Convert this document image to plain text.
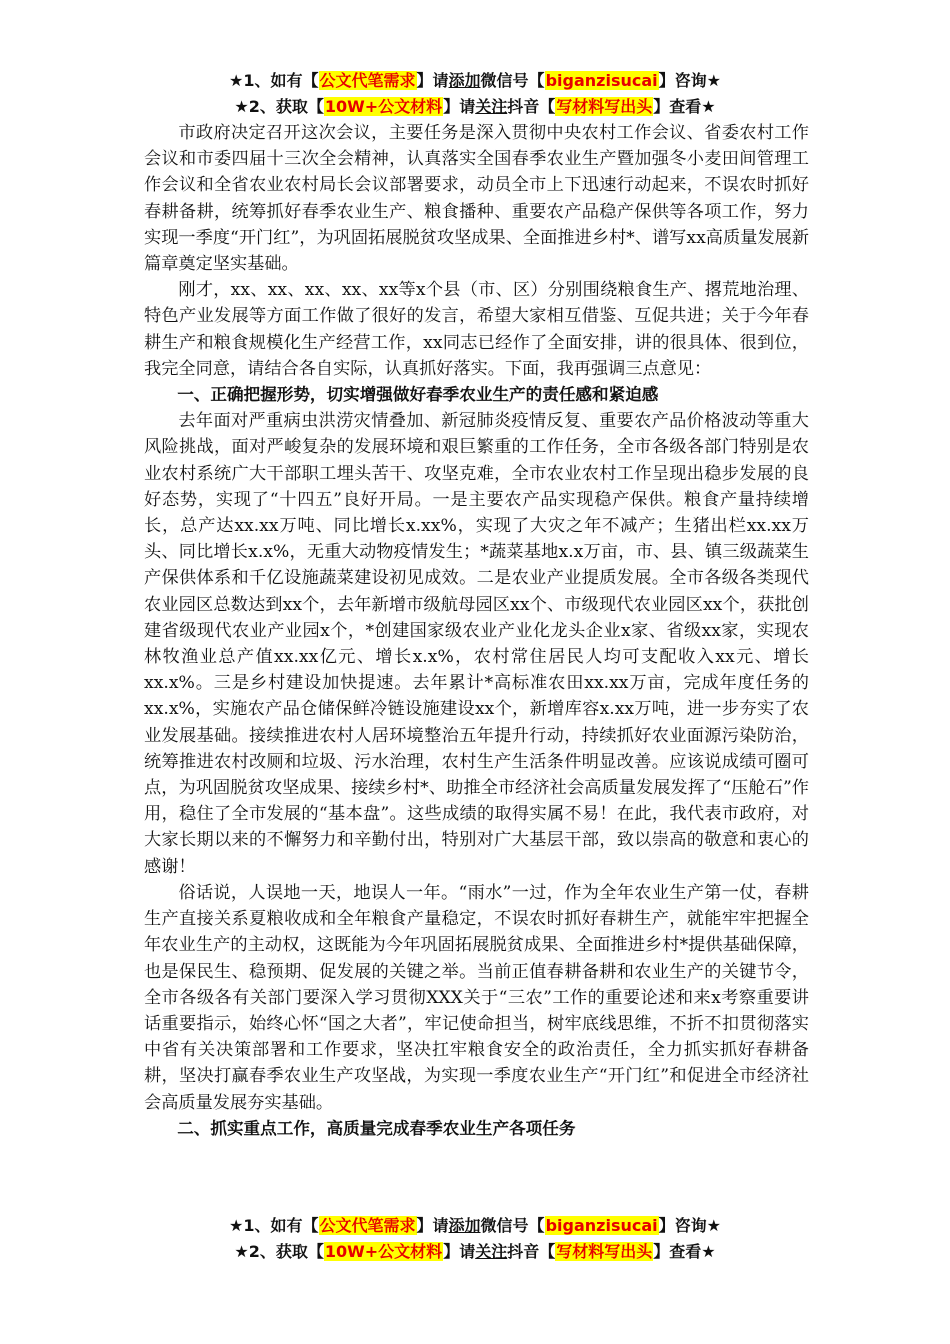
★1、如有【公文代笔需求】请添加微信号【biganzisucai】咨询★
★2、获取【10W+公文材料】请关注抖音【写材料写出头】查看★

市政府决定召开这次会议，主要任务是深入贯彻中央农村工作会议、省委农村工作会议和市委四届十三次全会精神，认真落实全国春季农业生产暨加强冬小麦田间管理工作会议和全省农业农村局长会议部署要求，动员全市上下迅速行动起来，不误农时抓好春耕备耕，统筹抓好春季农业生产、粮食播种、重要农产品稳产保供等各项工作，努力实现一季度“开门红”，为巩固拓展脱贫攻坚成果、全面推进乡村*、谱写xx高质量发展新篇章奠定坚实基础。

刚才，xx、xx、xx、xx、xx等x个县（市、区）分别围绕粮食生产、撂荒地治理、特色产业发展等方面工作做了很好的发言，希望大家相互借鉴、互促共进；关于今年春耕生产和粮食规模化生产经营工作，xx同志已经作了全面安排，讲的很具体、很到位，我完全同意，请结合各自实际，认真抓好落实。下面，我再强调三点意见：

一、正确把握形势，切实增强做好春季农业生产的责任感和紧迫感

去年面对严重病虫洪涝灾情叠加、新冠肺炎疫情反复、重要农产品价格波动等重大风险挑战，面对严峻复杂的发展环境和艰巨繁重的工作任务，全市各级各部门特别是农业农村系统广大干部职工埋头苦干、攻坚克难，全市农业农村工作呈现出稳步发展的良好态势，实现了“十四五”良好开局。一是主要农产品实现稳产保供。粮食产量持续增长，总产达xx.xx万吨、同比增长x.xx%，实现了大灾之年不减产；生猪出栏xx.xx万头、同比增长x.x%，无重大动物疫情发生；*蔬菜基地x.x万亩，市、县、镇三级蔬菜生产保供体系和千亿设施蔬菜建设初见成效。二是农业产业提质发展。全市各级各类现代农业园区总数达到xx个，去年新增市级航母园区xx个、市级现代农业园区xx个，获批创建省级现代农业产业园x个，*创建国家级农业产业化龙头企业x家、省级xx家，实现农林牧渔业总产值xx.xx亿元、增长x.x%，农村常住居民人均可支配收入xx元、增长xx.x%。三是乡村建设加快提速。去年累计*高标准农田xx.xx万亩，完成年度任务的xx.x%，实施农产品仓储保鲜冷链设施建设xx个，新增库容x.xx万吨，进一步夯实了农业发展基础。接续推进农村人居环境整治五年提升行动，持续抓好农业面源污染防治，统筹推进农村改厕和垃圾、污水治理，农村生产生活条件明显改善。应该说成绩可圈可点，为巩固脱贫攻坚成果、接续乡村*、助推全市经济社会高质量发展发挥了“压舱石”作用，稳住了全市发展的“基本盘”。这些成绩的取得实属不易！在此，我代表市政府，对大家长期以来的不懈努力和辛勤付出，特别对广大基层干部，致以崇高的敬意和衷心的感谢！

俗话说，人误地一天，地误人一年。“雨水”一过，作为全年农业生产第一仗，春耕生产直接关系夏粮收成和全年粮食产量稳定，不误农时抓好春耕生产，就能牢牢把握全年农业生产的主动权，这既能为今年巩固拓展脱贫成果、全面推进乡村*提供基础保障，也是保民生、稳预期、促发展的关键之举。当前正值春耕备耕和农业生产的关键节令，全市各级各有关部门要深入学习贯彻XXX关于“三农”工作的重要论述和来x考察重要讲话重要指示，始终心怀“国之大者”，牢记使命担当，树牢底线思维，不折不扣贯彻落实中省有关决策部署和工作要求，坚决扛牢粮食安全的政治责任，全力抓实抓好春耕备耕，坚决打赢春季农业生产攻坚战，为实现一季度农业生产“开门红”和促进全市经济社会高质量发展夯实基础。

二、抓实重点工作，高质量完成春季农业生产各项任务

★1、如有【公文代笔需求】请添加微信号【biganzisucai】咨询★
★2、获取【10W+公文材料】请关注抖音【写材料写出头】查看★
